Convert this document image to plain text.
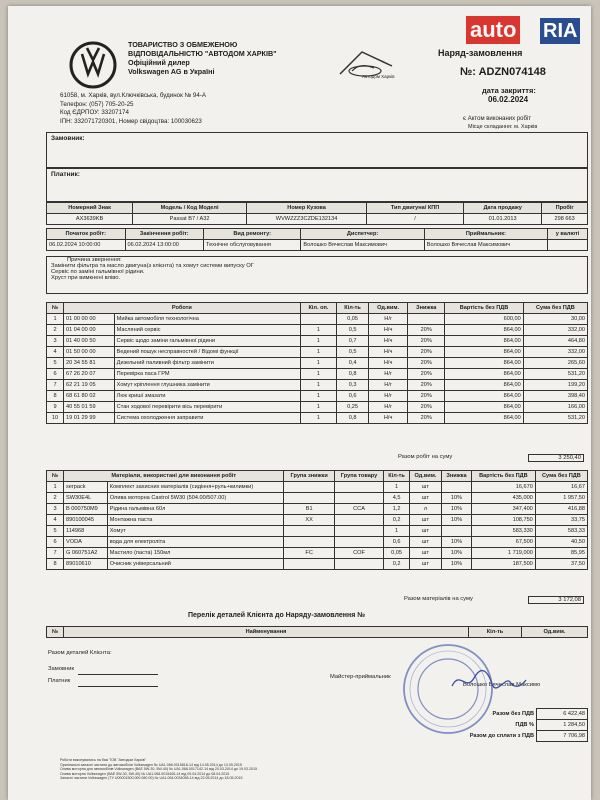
auto RIA
ТОВАРИСТВО З ОБМЕЖЕНОЮ
ВІДПОВІДАЛЬНІСТЮ "АВТОДОМ ХАРКІВ"
Офіційний дилер
Volkswagen AG в Україні
Автодом Харків
61058, м. Харків, вул.Ключківська, будинок № 94-А
Телефон: (057) 705-20-25
Код ЄДРПОУ: 33207174
ІПН: 332071720301, Номер свідоцтва: 100030623
Наряд-замовлення
№: ADZN074148
дата закриття:
06.02.2024
є Актом виконаних робіт
Місце складання: м. Харків
Замовник:
Платник:
Номерний Знак	Модель / Код Моделі	Номер Кузова	Тип двигуна/ КПП	Дата продажу	Пробіг
AX3639KB	Passat B7 / A32	WVWZZZ3CZDE132134	/	01.01.2013	298 663
Початок робіт:	Закінчення робіт:	Вид ремонту:	Диспетчер:	Приймальник:	у валюті
06.02.2024 10:00:00	06.02.2024 13:00:00	Технічне обслуговування	Волошко Вячеслав Максимович	Волошко Вячеслав Максимович	
Причина звернення:
Замінити фільтра та масло двигуна(з клієнта) та хомут системи випуску ОГ
Сервіс по заміні гальмівної рідини.
Хруст при вимкнені вліво.
№	Роботи		Кіл. оп.	Кіл-ть	Од.вим.	Знижка	Вартість без ПДВ	Сума без ПДВ
1	01 00 00 00	Мийка автомобіля технологічна		0,05	Н/г		600,00	30,00
2	01 04 00 00	Масляний сервіс	1	0,5	Н/ч	20%	864,00	332,00
3	01 40 00 50	Сервіс щодо заміни гальмівної рідини	1	0,7	Н/ч	20%	864,00	464,80
4	01 50 00 00	Ведений пошук несправностей / Відомі функції	1	0,5	Н/ч	20%	864,00	332,00
5	20 34 55 81	Дизельний паливний фільтр замінити	1	0,4	Н/ч	20%	864,00	265,60
6	67 26 20 07	Перевірка паса ГРМ	1	0,8	Н/г	20%	864,00	531,20
7	62 21 19 05	Хомут кріплення глушника замінити	1	0,3	Н/г	20%	864,00	199,20
8	68 61 80 02	Люк кришї змазати	1	0,6	Н/г	20%	864,00	398,40
9	40 55 01 59	Стан ходової перевірити вісь перевірити	1	0,25	Н/г	20%	864,00	166,00
10	19 01 29 99	Система охолодження заправити	1	0,8	Н/ч	20%	864,00	531,20
Разом робіт на суму	3 250,40
№	Матеріали, використані для виконання робіт		Група знижки	Група товару	Кіл-ть	Од.вим.	Знижка	Вартість без ПДВ	Сума без ПДВ
1	serpack	Комплект захисних матеріалів (сидіння+руль+килимки)			1	шт		16,670	16,67
2	SW30E4L	Олива моторна Castrol 5W30 (504.00/507.00)			4,5	шт	10%	435,000	1 957,50
3	B 000750M9	Рідина гальмівна 60л	B1	CCA	1,2	л	10%	347,400	416,88
4	890100045	Монтажна паста	XX		0,2	шт	10%	108,750	33,75
5	114968	Хомут			1	шт		583,330	583,33
6	VODA	вода для електроліта			0,6	шт	10%	67,500	40,50
7	G 060751A2	Мастило (паста) 150мл	FC	COF	0,05	шт	10%	1 719,000	85,95
8	89010610	Очисник універсальний			0,2	шт	10%	187,500	37,50
Разом матеріалів на суму	3 172,08
Перелік деталей Клієнта до Наряду-замовлення №
№	Найменування	Кіл-ть	Од.вим.
Разом деталей Клієнта:
Замовник
Платник
Майстер-приймальник
Волошко Вячеслав Максимо
Разом без ПДВ	6 422,48
ПДВ %	1 284,50
Разом до сплати з ПДВ	7 706,98
Роботи виконувались на базі ТОВ "Автодом Харків"
Оригінальні запасні частини до автомобілів Volkswagen № UA1.068.0015818-14 від 14.05.2014 до 13.05.2015
Олива моторна для автомобілів Volkswagen (ВАЕ 5W-30, 5W-40) № UA1.068.0017142-14 від 20.03.2014 до 19.03.2015
Олива моторна Volkswagen (ВАЕ 5W-30, 5W-40) № UA1.068.0015406-14 від 09.04.2014 до 08.04.2015
Запасні частини Volkswagen (ТУ U00001500.000.080 00) № UA1.064.0034058-14 від 22.05.2014 до 18.05.2015
